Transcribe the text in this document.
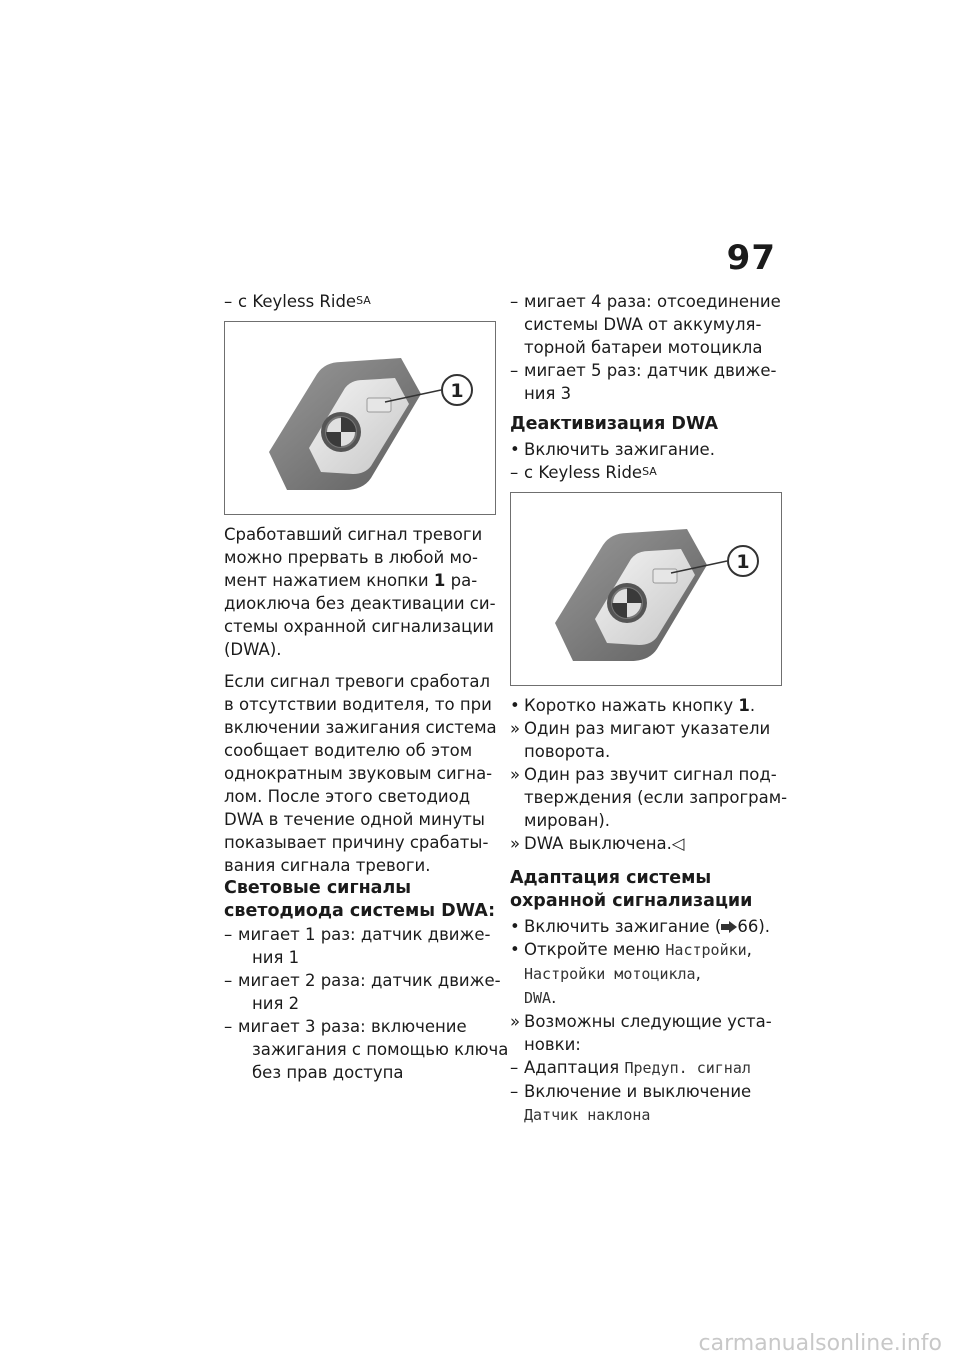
97
– с Keyless Ride$^{SA}$
1
Сработавший сигнал тревоги
можно прервать в любой мо-
мент нажатием кнопки 1 ра-
диоключа без деактивации си-
стемы охранной сигнализации
(DWA).
Если сигнал тревоги сработал
в отсутствии водителя, то при
включении зажигания система
сообщает водителю об этом
однократным звуковым сигна-
лом. После этого светодиод
DWA в течение одной минуты
показывает причину срабаты-
вания сигнала тревоги.
Световые сигналы
светодиода системы DWA:
– мигает 1 раз: датчик движе-
ния 1
– мигает 2 раза: датчик движе-
ния 2
– мигает 3 раза: включение
зажигания с помощью ключа
без прав доступа
– мигает 4 раза: отсоединение
системы DWA от аккумуля-
торной батареи мотоцикла
– мигает 5 раз: датчик движе-
ния 3
Деактивизация DWA
• Включить зажигание.
– с Keyless Ride$^{SA}$
1
• Коротко нажать кнопку 1.
» Один раз мигают указатели
поворота.
» Один раз звучит сигнал под-
тверждения (если запрограм-
мирован).
» DWA выключена.◁
Адаптация системы
охранной сигнализации
• Включить зажигание ( 66).
• Откройте меню Настройки,
Настройки мотоцикла,
DWA.
» Возможны следующие уста-
новки:
– Адаптация Предуп. сигнал
– Включение и выключение
Датчик наклона
carmanualsonline.info
